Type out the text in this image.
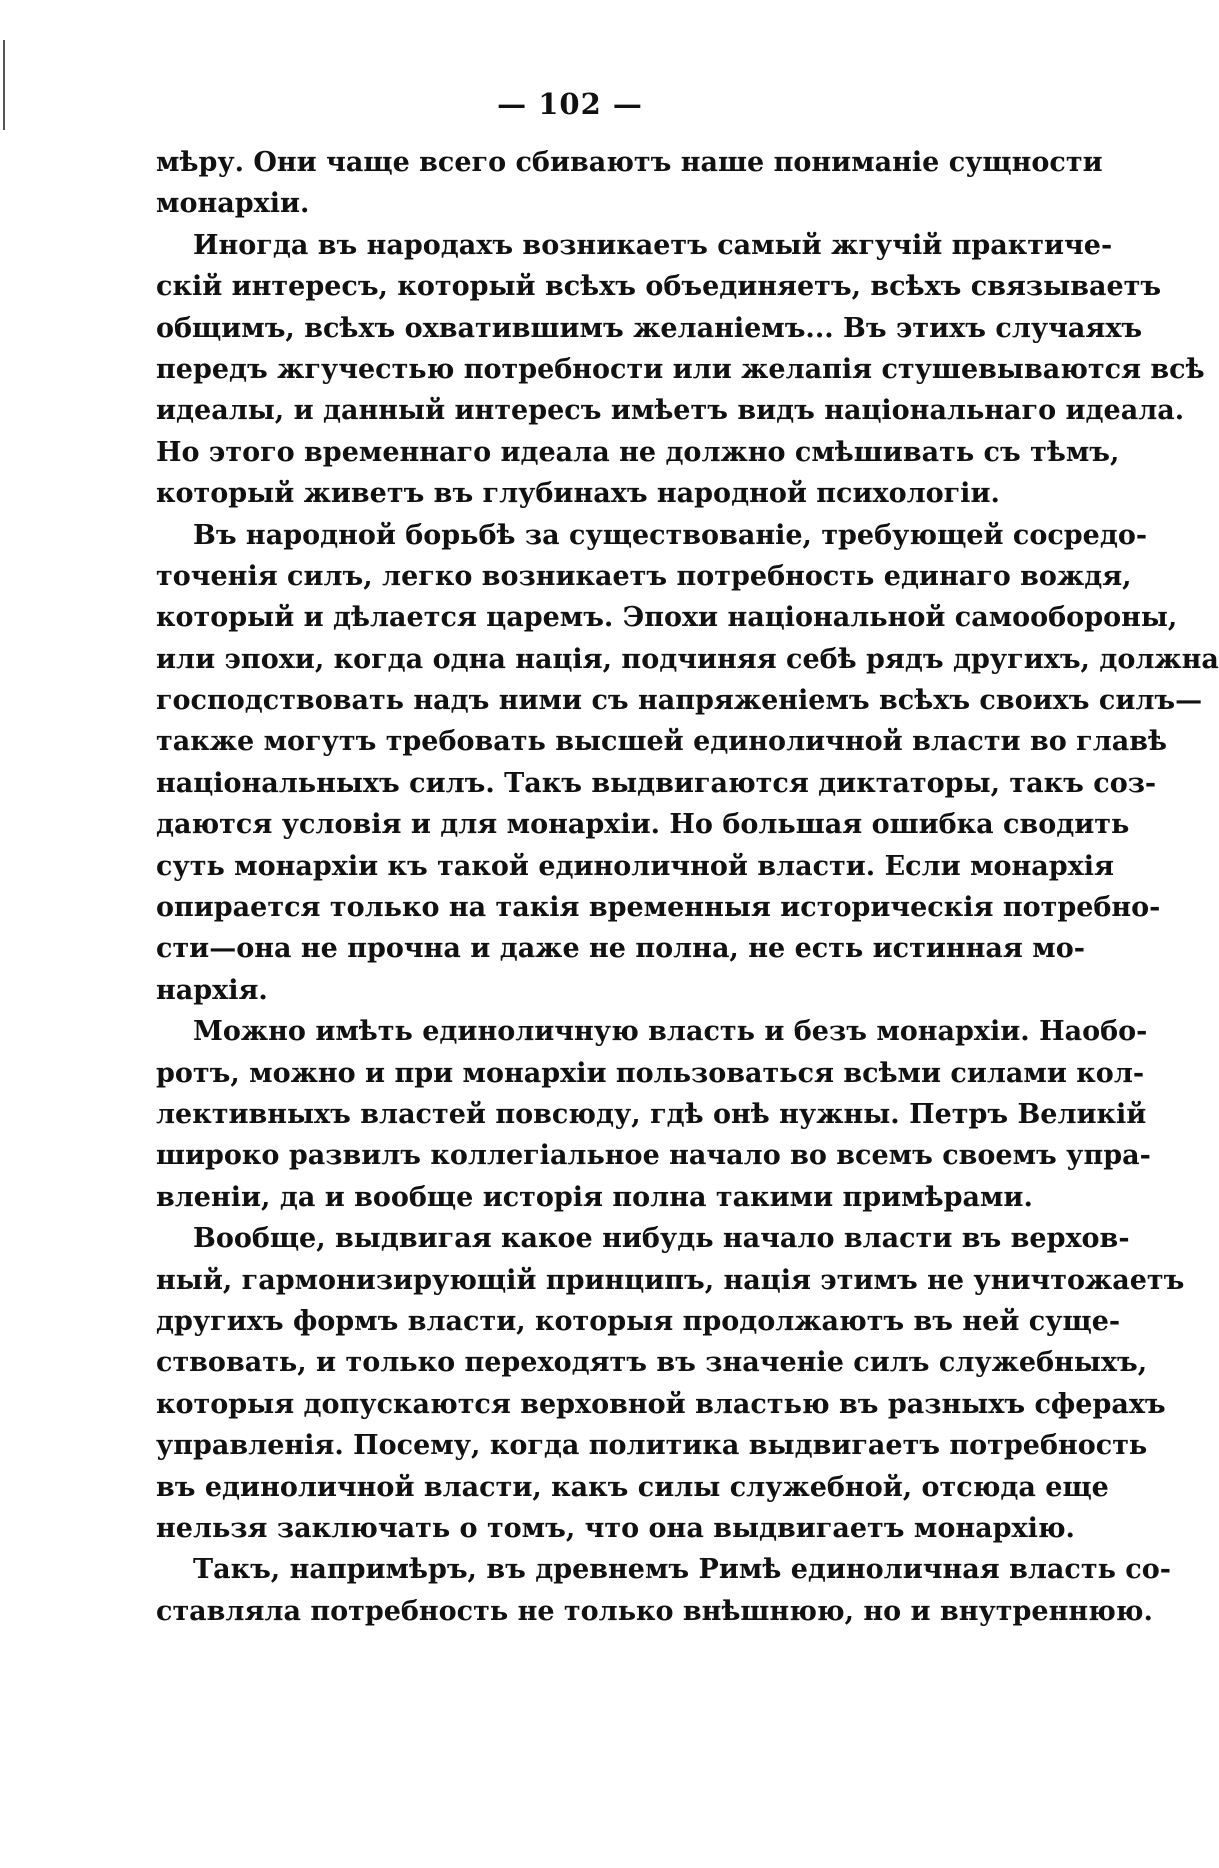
— 102 —
мѣру. Они чаще всего сбиваютъ наше пониманіе сущности
монархіи.
Иногда въ народахъ возникаетъ самый жгучій практиче-
скій интересъ, который всѣхъ объединяетъ, всѣхъ связываетъ
общимъ, всѣхъ охватившимъ желаніемъ... Въ этихъ случаяхъ
передъ жгучестью потребности или желапія стушевываются всѣ
идеалы, и данный интересъ имѣетъ видъ національнаго идеала.
Но этого временнаго идеала не должно смѣшивать съ тѣмъ,
который живетъ въ глубинахъ народной психологіи.
Въ народной борьбѣ за существованіе, требующей сосредо-
точенія силъ, легко возникаетъ потребность единаго вождя,
который и дѣлается царемъ. Эпохи національной самообороны,
или эпохи, когда одна нація, подчиняя себѣ рядъ другихъ, должна
господствовать надъ ними съ напряженіемъ всѣхъ своихъ силъ—
также могутъ требовать высшей единоличной власти во главѣ
національныхъ силъ. Такъ выдвигаются диктаторы, такъ соз-
даются условія и для монархіи. Но большая ошибка сводить
суть монархіи къ такой единоличной власти. Если монархія
опирается только на такія временныя историческія потребно-
сти—она не прочна и даже не полна, не есть истинная мо-
нархія.
Можно имѣть единоличную власть и безъ монархіи. Наобо-
ротъ, можно и при монархіи пользоваться всѣми силами кол-
лективныхъ властей повсюду, гдѣ онѣ нужны. Петръ Великій
широко развилъ коллегіальное начало во всемъ своемъ упра-
вленіи, да и вообще исторія полна такими примѣрами.
Вообще, выдвигая какое нибудь начало власти въ верхов-
ный, гармонизирующій принципъ, нація этимъ не уничтожаетъ
другихъ формъ власти, которыя продолжаютъ въ ней суще-
ствовать, и только переходятъ въ значеніе силъ служебныхъ,
которыя допускаются верховной властью въ разныхъ сферахъ
управленія. Посему, когда политика выдвигаетъ потребность
въ единоличной власти, какъ силы служебной, отсюда еще
нельзя заключать о томъ, что она выдвигаетъ монархію.
Такъ, напримѣръ, въ древнемъ Римѣ единоличная власть со-
ставляла потребность не только внѣшнюю, но и внутреннюю.
